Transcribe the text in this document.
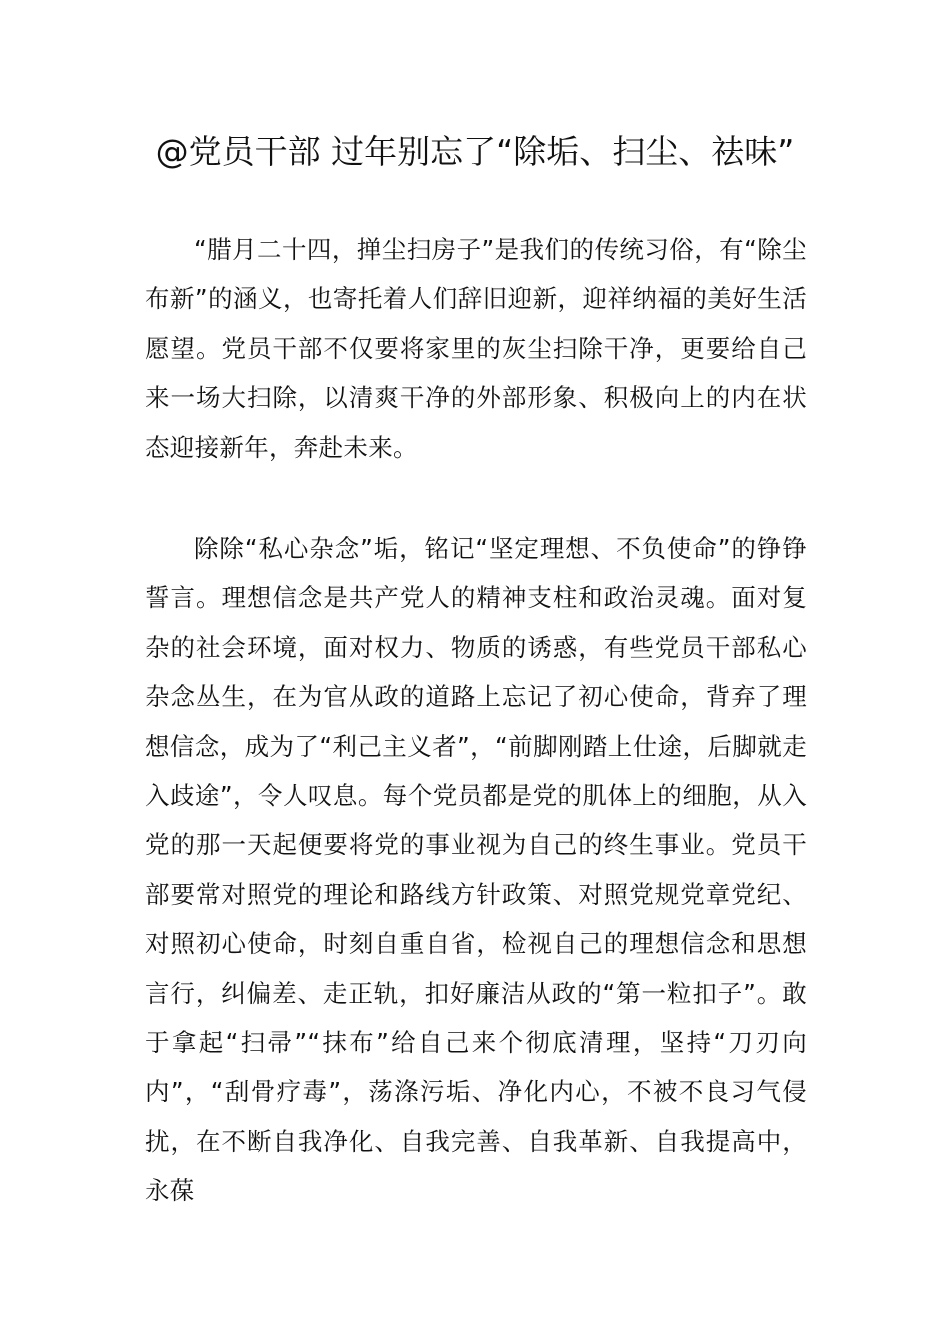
@党员干部 过年别忘了“除垢、扫尘、祛味”

“腊月二十四，掸尘扫房子”是我们的传统习俗，有“除尘布新”的涵义，也寄托着人们辞旧迎新，迎祥纳福的美好生活愿望。党员干部不仅要将家里的灰尘扫除干净，更要给自己来一场大扫除，以清爽干净的外部形象、积极向上的内在状态迎接新年，奔赴未来。

除除“私心杂念”垢，铭记“坚定理想、不负使命”的铮铮誓言。理想信念是共产党人的精神支柱和政治灵魂。面对复杂的社会环境，面对权力、物质的诱惑，有些党员干部私心杂念丛生，在为官从政的道路上忘记了初心使命，背弃了理想信念，成为了“利己主义者”，“前脚刚踏上仕途，后脚就走入歧途”，令人叹息。每个党员都是党的肌体上的细胞，从入党的那一天起便要将党的事业视为自己的终生事业。党员干部要常对照党的理论和路线方针政策、对照党规党章党纪、对照初心使命，时刻自重自省，检视自己的理想信念和思想言行，纠偏差、走正轨，扣好廉洁从政的“第一粒扣子”。敢于拿起“扫帚”“抹布”给自己来个彻底清理，坚持“刀刃向内”，“刮骨疗毒”，荡涤污垢、净化内心，不被不良习气侵扰，在不断自我净化、自我完善、自我革新、自我提高中，永葆
